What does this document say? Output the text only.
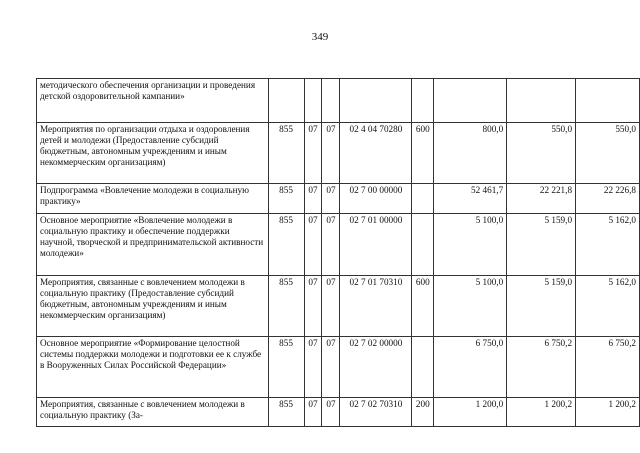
349
методического обеспечения организации и проведения детской оздоровительной кампании»								
Мероприятия по организации отдыха и оздоровления детей и молодежи (Предоставление субсидий бюджетным, автономным учреждениям и иным некоммерческим организациям)	855	07	07	02 4 04 70280	600	800,0	550,0	550,0
Подпрограмма «Вовлечение молодежи в социальную практику»	855	07	07	02 7 00 00000		52 461,7	22 221,8	22 226,8
Основное мероприятие «Вовлечение молодежи в социальную практику и обеспечение поддержки научной, творческой и предпринимательской активности молодежи»	855	07	07	02 7 01 00000		5 100,0	5 159,0	5 162,0
Мероприятия, связанные с вовлечением молодежи в социальную практику (Предоставление субсидий бюджетным, автономным учреждениям и иным некоммерческим организациям)	855	07	07	02 7 01 70310	600	5 100,0	5 159,0	5 162,0
Основное мероприятие «Формирование целостной системы поддержки молодежи и подготовки ее к службе в Вооруженных Силах Российской Федерации»	855	07	07	02 7 02 00000		6 750,0	6 750,2	6 750,2
Мероприятия, связанные с вовлечением молодежи в социальную практику (За-	855	07	07	02 7 02 70310	200	1 200,0	1 200,2	1 200,2
